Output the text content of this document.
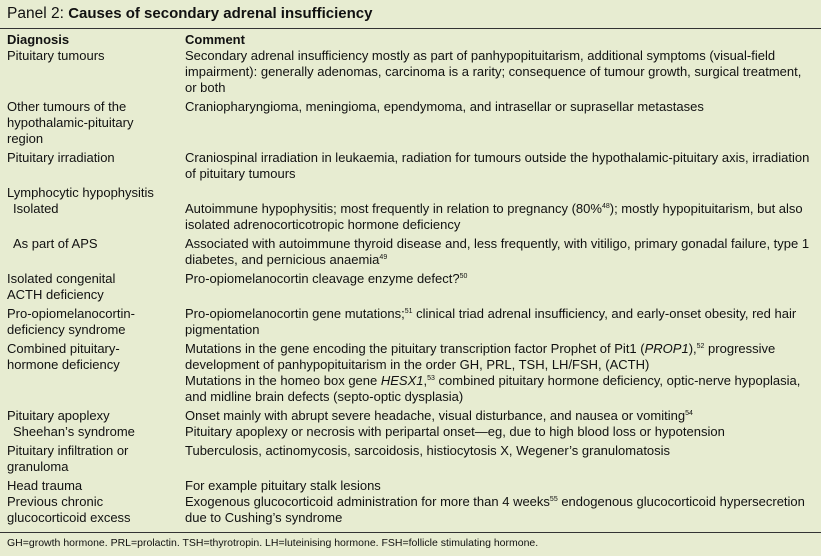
Panel 2: Causes of secondary adrenal insufficiency
Diagnosis	Comment
Pituitary tumours	Secondary adrenal insufficiency mostly as part of panhypopituitarism, additional symptoms (visual-field impairment): generally adenomas, carcinoma is a rarity; consequence of tumour growth, surgical treatment, or both
Other tumours of the hypothalamic-pituitary region	Craniopharyngioma, meningioma, ependymoma, and intrasellar or suprasellar metastases
Pituitary irradiation	Craniospinal irradiation in leukaemia, radiation for tumours outside the hypothalamic-pituitary axis, irradiation of pituitary tumours
Lymphocytic hypophysitis	

Isolated	Autoimmune hypophysitis; most frequently in relation to pregnancy (80%$^{48}$); mostly hypopituitarism, but also isolated adrenocorticotropic hormone deficiency

As part of APS	Associated with autoimmune thyroid disease and, less frequently, with vitiligo, primary gonadal failure, type 1 diabetes, and pernicious anaemia$^{49}$
Isolated congenital ACTH deficiency	Pro-opiomelanocortin cleavage enzyme defect?$^{50}$
Pro-opiomelanocortin-deficiency syndrome	Pro-opiomelanocortin gene mutations;$^{51}$ clinical triad adrenal insufficiency, and early-onset obesity, red hair pigmentation
Combined pituitary-hormone deficiency	Mutations in the gene encoding the pituitary transcription factor Prophet of Pit1 (PROP1),$^{52}$ progressive development of panhypopituitarism in the order GH, PRL, TSH, LH/FSH, (ACTH)
Mutations in the homeo box gene HESX1,53 combined pituitary hormone deficiency, optic-nerve hypoplasia, and midline brain defects (septo-optic dysplasia)

Pituitary apoplexy	Onset mainly with abrupt severe headache, visual disturbance, and nausea or vomiting$^{54}$

Sheehan’s syndrome	Pituitary apoplexy or necrosis with peripartal onset—eg, due to high blood loss or hypotension
Pituitary infiltration or granuloma	Tuberculosis, actinomycosis, sarcoidosis, histiocytosis X, Wegener’s granulomatosis
Head trauma	For example pituitary stalk lesions
Previous chronic glucocorticoid excess	Exogenous glucocorticoid administration for more than 4 weeks$^{55}$ endogenous glucocorticoid hypersecretion due to Cushing’s syndrome
GH=growth hormone. PRL=prolactin. TSH=thyrotropin. LH=luteinising hormone. FSH=follicle stimulating hormone.
